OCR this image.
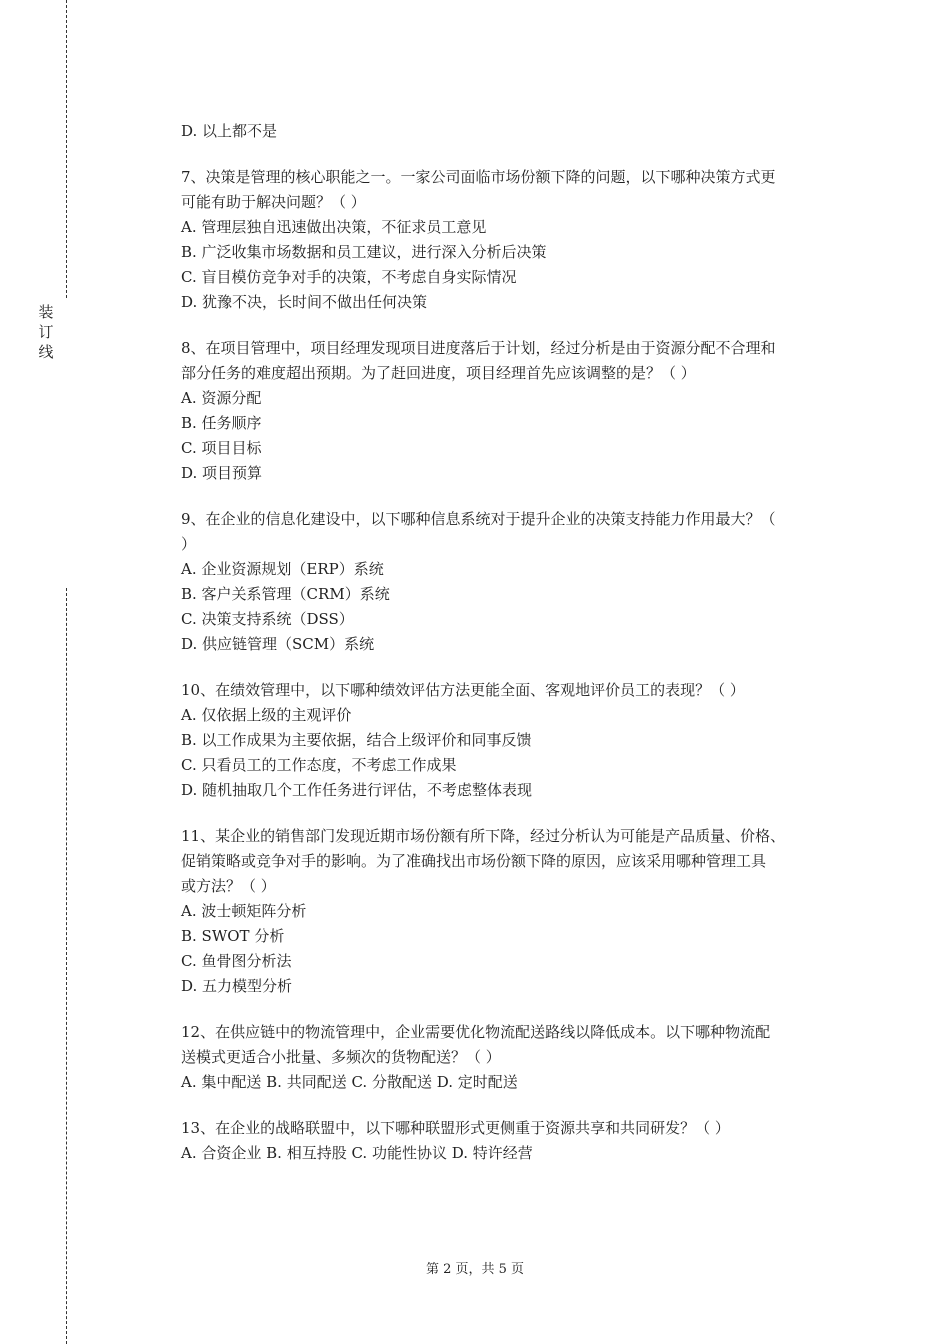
装
订
线
D. 以上都不是
7、决策是管理的核心职能之一。一家公司面临市场份额下降的问题，以下哪种决策方式更
可能有助于解决问题？（ ）
A. 管理层独自迅速做出决策，不征求员工意见
B. 广泛收集市场数据和员工建议，进行深入分析后决策
C. 盲目模仿竞争对手的决策，不考虑自身实际情况
D. 犹豫不决，长时间不做出任何决策
8、在项目管理中，项目经理发现项目进度落后于计划，经过分析是由于资源分配不合理和
部分任务的难度超出预期。为了赶回进度，项目经理首先应该调整的是？（ ）
A. 资源分配
B. 任务顺序
C. 项目目标
D. 项目预算
9、在企业的信息化建设中，以下哪种信息系统对于提升企业的决策支持能力作用最大？（
）
A. 企业资源规划（ERP）系统
B. 客户关系管理（CRM）系统
C. 决策支持系统（DSS）
D. 供应链管理（SCM）系统
10、在绩效管理中，以下哪种绩效评估方法更能全面、客观地评价员工的表现？（ ）
A. 仅依据上级的主观评价
B. 以工作成果为主要依据，结合上级评价和同事反馈
C. 只看员工的工作态度，不考虑工作成果
D. 随机抽取几个工作任务进行评估，不考虑整体表现
11、某企业的销售部门发现近期市场份额有所下降，经过分析认为可能是产品质量、价格、
促销策略或竞争对手的影响。为了准确找出市场份额下降的原因，应该采用哪种管理工具
或方法？（ ）
A. 波士顿矩阵分析
B. SWOT 分析
C. 鱼骨图分析法
D. 五力模型分析
12、在供应链中的物流管理中，企业需要优化物流配送路线以降低成本。以下哪种物流配
送模式更适合小批量、多频次的货物配送？（ ）
A. 集中配送 B. 共同配送 C. 分散配送 D. 定时配送
13、在企业的战略联盟中，以下哪种联盟形式更侧重于资源共享和共同研发？（ ）
A. 合资企业 B. 相互持股 C. 功能性协议 D. 特许经营
第 2 页，共 5 页
